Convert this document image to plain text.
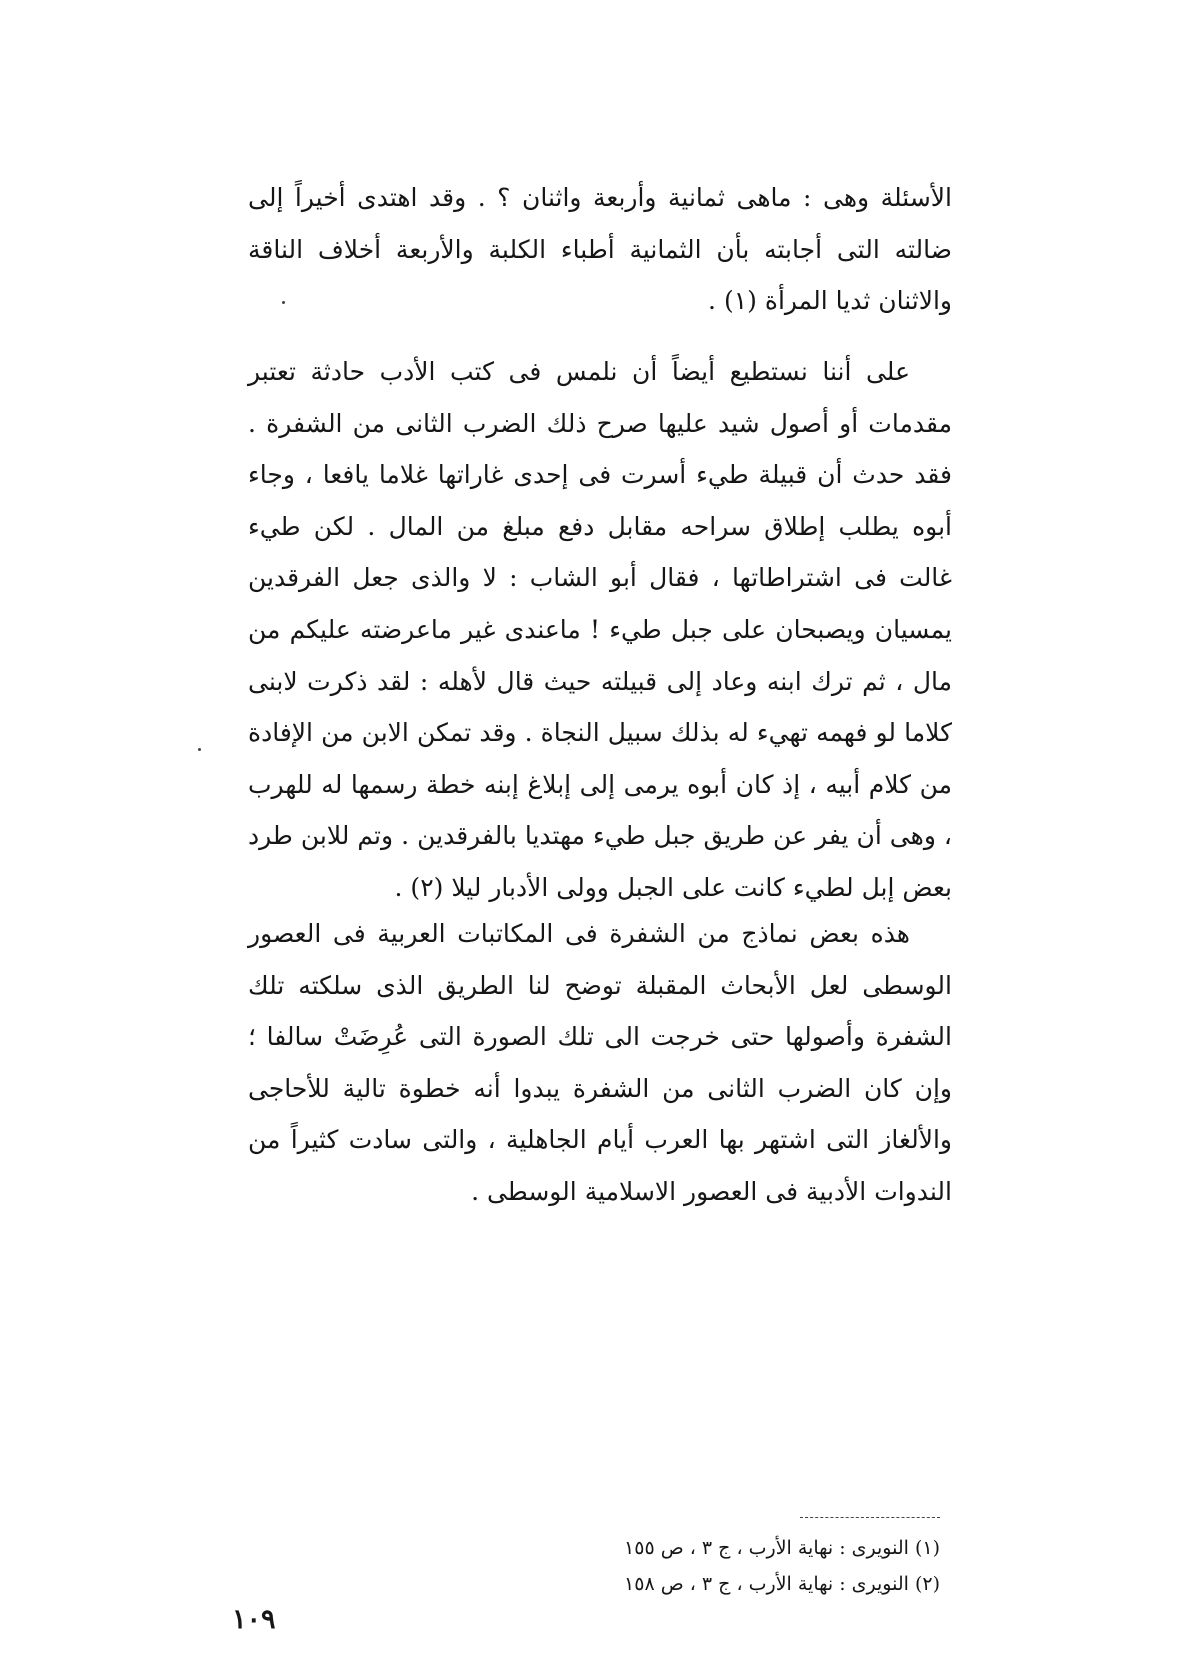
الأسئلة وهى : ماهى ثمانية وأربعة واثنان ؟ . وقد اهتدى أخيراً إلى ضالته التى أجابته بأن الثمانية أطباء الكلبة والأربعة أخلاف الناقة والاثنان ثديا المرأة (١) .

على أننا نستطيع أيضاً أن نلمس فى كتب الأدب حادثة تعتبر مقدمات أو أصول شيد عليها صرح ذلك الضرب الثانى من الشفرة . فقد حدث أن قبيلة طيء أسرت فى إحدى غاراتها غلاما يافعا ، وجاء أبوه يطلب إطلاق سراحه مقابل دفع مبلغ من المال . لكن طيء غالت فى اشتراطاتها ، فقال أبو الشاب : لا والذى جعل الفرقدين يمسيان ويصبحان على جبل طيء ! ماعندى غير ماعرضته عليكم من مال ، ثم ترك ابنه وعاد إلى قبيلته حيث قال لأهله : لقد ذكرت لابنى كلاما لو فهمه تهيء له بذلك سبيل النجاة . وقد تمكن الابن من الإفادة من كلام أبيه ، إذ كان أبوه يرمى إلى إبلاغ إبنه خطة رسمها له للهرب ، وهى أن يفر عن طريق جبل طيء مهتديا بالفرقدين . وتم للابن طرد بعض إبل لطيء كانت على الجبل وولى الأدبار ليلا (٢) .

هذه بعض نماذج من الشفرة فى المكاتبات العربية فى العصور الوسطى لعل الأبحاث المقبلة توضح لنا الطريق الذى سلكته تلك الشفرة وأصولها حتى خرجت الى تلك الصورة التى عُرِضَتْ سالفا ؛ وإن كان الضرب الثانى من الشفرة يبدوا أنه خطوة تالية للأحاجى والألغاز التى اشتهر بها العرب أيام الجاهلية ، والتى سادت كثيراً من الندوات الأدبية فى العصور الاسلامية الوسطى .

(١) النويرى : نهاية الأرب ، ج ٣ ، ص ١٥٥
(٢) النويرى : نهاية الأرب ، ج ٣ ، ص ١٥٨
١٠٩
